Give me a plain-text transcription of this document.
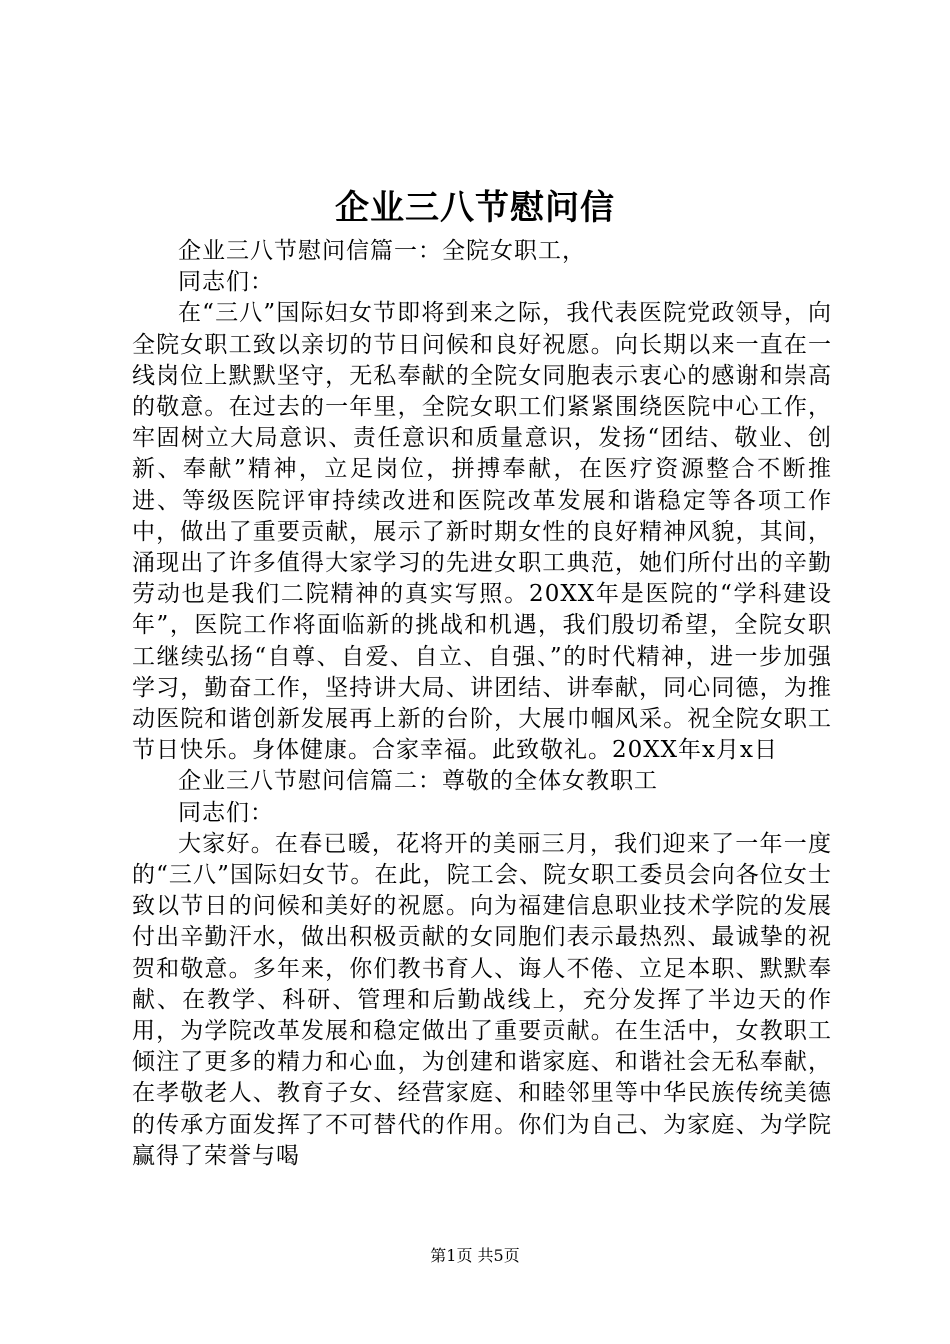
企业三八节慰问信

企业三八节慰问信篇一：全院女职工，

同志们：

在“三八”国际妇女节即将到来之际，我代表医院党政领导，向全院女职工致以亲切的节日问候和良好祝愿。向长期以来一直在一线岗位上默默坚守，无私奉献的全院女同胞表示衷心的感谢和崇高的敬意。在过去的一年里，全院女职工们紧紧围绕医院中心工作，牢固树立大局意识、责任意识和质量意识，发扬“团结、敬业、创新、奉献”精神，立足岗位，拼搏奉献，在医疗资源整合不断推进、等级医院评审持续改进和医院改革发展和谐稳定等各项工作中，做出了重要贡献，展示了新时期女性的良好精神风貌，其间，涌现出了许多值得大家学习的先进女职工典范，她们所付出的辛勤劳动也是我们二院精神的真实写照。20XX年是医院的“学科建设年”，医院工作将面临新的挑战和机遇，我们殷切希望，全院女职工继续弘扬“自尊、自爱、自立、自强、”的时代精神，进一步加强学习，勤奋工作，坚持讲大局、讲团结、讲奉献，同心同德，为推动医院和谐创新发展再上新的台阶，大展巾帼风采。祝全院女职工节日快乐。身体健康。合家幸福。此致敬礼。20XX年x月x日

企业三八节慰问信篇二：尊敬的全体女教职工

同志们：

大家好。在春已暖，花将开的美丽三月，我们迎来了一年一度的“三八”国际妇女节。在此，院工会、院女职工委员会向各位女士致以节日的问候和美好的祝愿。向为福建信息职业技术学院的发展付出辛勤汗水，做出积极贡献的女同胞们表示最热烈、最诚挚的祝贺和敬意。多年来，你们教书育人、诲人不倦、立足本职、默默奉献、在教学、科研、管理和后勤战线上，充分发挥了半边天的作用，为学院改革发展和稳定做出了重要贡献。在生活中，女教职工倾注了更多的精力和心血，为创建和谐家庭、和谐社会无私奉献，在孝敬老人、教育子女、经营家庭、和睦邻里等中华民族传统美德的传承方面发挥了不可替代的作用。你们为自己、为家庭、为学院赢得了荣誉与喝

第1页 共5页
